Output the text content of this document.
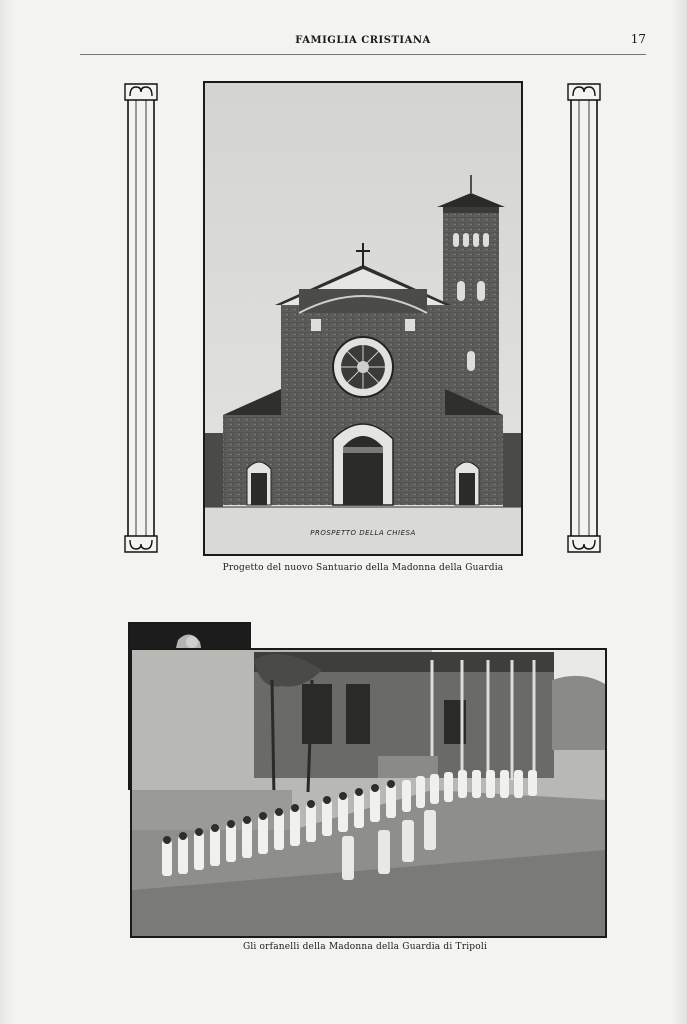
FAMIGLIA CRISTIANA	17
PROSPETTO DELLA CHIESA
Progetto del nuovo Santuario della Madonna della Guardia
Gli orfanelli della Madonna della Guardia di Tripoli
